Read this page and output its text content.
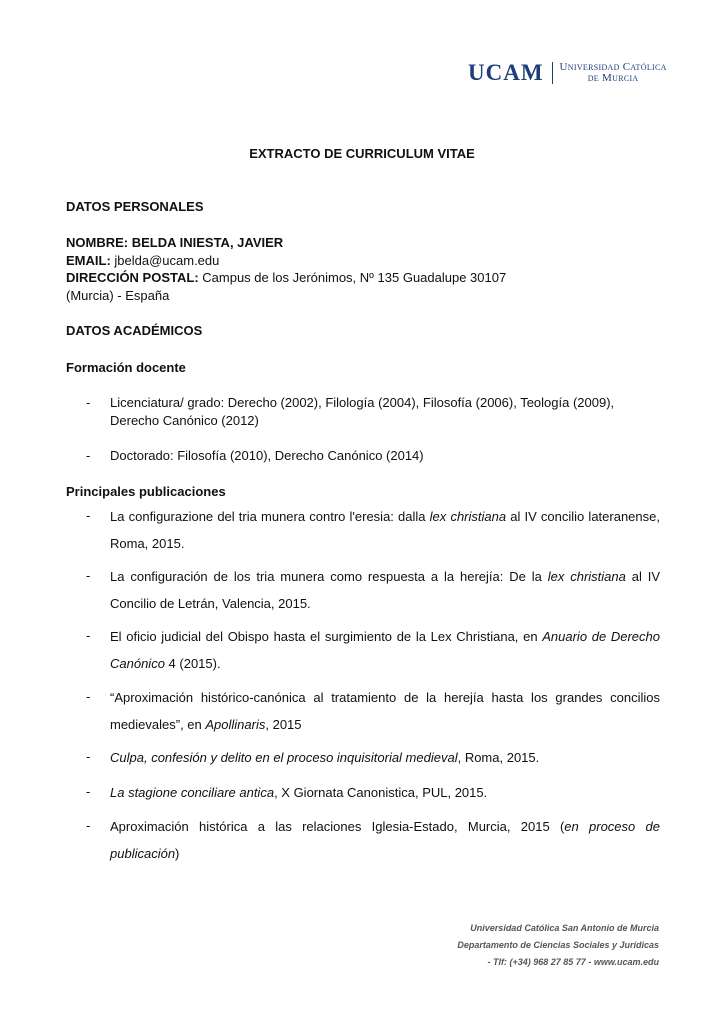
UCAM Universidad Católica
de Murcia
EXTRACTO DE CURRICULUM VITAE
DATOS PERSONALES
NOMBRE: BELDA INIESTA, JAVIER
EMAIL: jbelda@ucam.edu
DIRECCIÓN POSTAL: Campus de los Jerónimos, Nº 135 Guadalupe 30107
(Murcia) - España
DATOS ACADÉMICOS
Formación docente
- Licenciatura/ grado: Derecho (2002), Filología (2004), Filosofía (2006), Teología (2009), Derecho Canónico (2012)
- Doctorado: Filosofía (2010), Derecho Canónico (2014)
Principales publicaciones
- La configurazione del tria munera contro l'eresia: dalla lex christiana al IV concilio lateranense, Roma, 2015.
- La configuración de los tria munera como respuesta a la herejía: De la lex christiana al IV Concilio de Letrán, Valencia, 2015.
- El oficio judicial del Obispo hasta el surgimiento de la Lex Christiana, en Anuario de Derecho Canónico 4 (2015).
- “Aproximación histórico-canónica al tratamiento de la herejía hasta los grandes concilios medievales”, en Apollinaris, 2015
- Culpa, confesión y delito en el proceso inquisitorial medieval, Roma, 2015.
- La stagione conciliare antica, X Giornata Canonistica, PUL, 2015.
- Aproximación histórica a las relaciones Iglesia-Estado, Murcia, 2015 (en proceso de publicación)
Universidad Católica San Antonio de Murcia
Departamento de Ciencias Sociales y Jurídicas
- Tlf: (+34) 968 27 85 77 - www.ucam.edu
